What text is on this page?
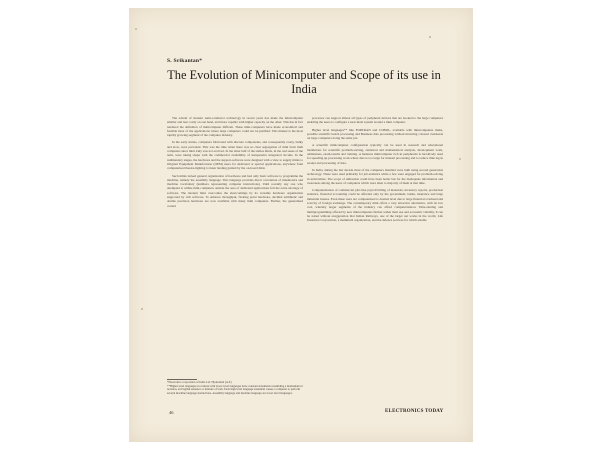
S. Srikantan*
The Evolution of Minicomputer and Scope of its use in India

The advent of modern semi-conductor technology in recent years has made the minicomputer smaller and less costly on one hand, and more capable with higher capacity on the other. This has in fact rendered the definition of minicomputer difficult. These mini-computers have made economical and feasible most of the applications where large computers could not be justified. This market is the most rapidly growing segment of the computer industry.

In the early sixties, computers fabricated with discrete components, and consequently costly, bulky and slow, were prevalent. This was the time when there was no clear segregation of mini from midi computers since mini truly was not evolved. In the latter half of the sixties minis, in the real sense of the term, were taking shape with the commercial availability of inexpensive integrated circuits. In the rudimentary stages, the hardware and the support-software were designed with a view to supply minis to Original Equipment Manufacturer (OEM) users for dedicated or special applications, anywhere from computerised theatre-lighting to lunar landing guided by the on-board mini.

Such minis lacked general organization of hardware and had only basic software to programme the machine, namely the assembly language. This language provides direct correlation of mnemonics and machine vocabulary (numbers representing computer instructions). Until recently any one who attempted to utilize mini-computers outside the area of dedicated applications felt the acute shortage of software. The modern mini overcomes the shortcomings by its versatile hardware organization supported by rich software. To enhance throughput, floating point hardware, decimal arithmetic and double precision hardware are now available with many mini computers. Further, the generalised control

processor can support almost all types of peripheral devices that are hooked to the large computers enabling the users to configure a near-maxi system around a mini computer.

Higher level languages** like FORTRAN and COBOL, available with minicomputers make, possible scientific bench processing and Business data processing without incurring colossal overheads on large computers doing the same job.

A scientific minicomputer configuration typically can be used in research and educational institutions for scientific problem-solving, statistical and mathematical analysis, development work, admissions, exam-results and training. A business minicomputer rich in peripherals is lucratively used for speeding up processing work where data is too large for manual processing and to reduce time lag in receipt and processing of data.

In India, during the last decade most of the computers installed were built using second generation technology. These were used primarily for job-statistics while a few were engaged for problem-solving in universities. The scope of utilisation could have been better but for the inadequate information and awareness among the users of computers which were alien to majority of them at that time.

Computerization of commercial jobs like payroll billing of materials, inventory reports, production statistics, financial accounting could be afforded only by the government, banks, insurance and large industrial houses. Even these were not computerised to desired level due to large financial overhead and scarcity of foreign exchange. The contemporary mini offers a very attractive alternative, with its low cost, whereby larger segments of the industry can afford computerization. Time-sharing and multiprogramming offered by new minicomputers further widen their use and economic viability. It can be stated without exaggeration that Indian Railways, one of the larger net works in the world, Life Insurance Corporation, a mammoth organization, and the defence services for which sizable

*Electronics corporation of India Ltd. Hyderabad (A.P.)

**Higher level languages in contrast with lower level languages have constant statements resembling a mathematical notation, an English sentence or mixture of both. Each high level language statement causes a computer to perform several machine language instructions. Assembly language and machine language are lower level languages.

46	ELECTRONICS TODAY
